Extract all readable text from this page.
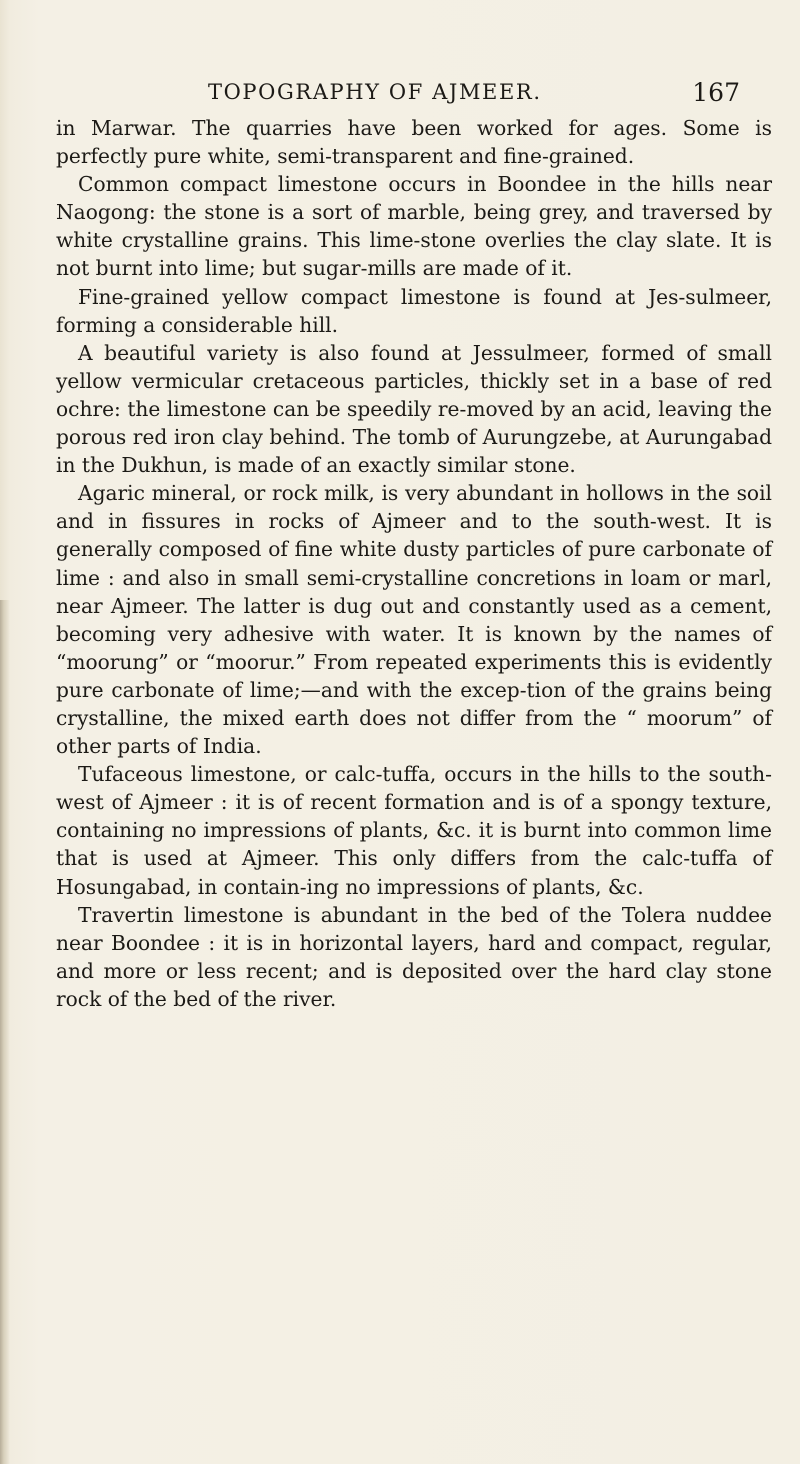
TOPOGRAPHY OF AJMEER.	167

in Marwar. The quarries have been worked for ages. Some is perfectly pure white, semi-transparent and fine-grained.

Common compact limestone occurs in Boondee in the hills near Naogong: the stone is a sort of marble, being grey, and traversed by white crystalline grains. This lime-stone overlies the clay slate. It is not burnt into lime; but sugar-mills are made of it.

Fine-grained yellow compact limestone is found at Jes-sulmeer, forming a considerable hill.

A beautiful variety is also found at Jessulmeer, formed of small yellow vermicular cretaceous particles, thickly set in a base of red ochre: the limestone can be speedily re-moved by an acid, leaving the porous red iron clay behind. The tomb of Aurungzebe, at Aurungabad in the Dukhun, is made of an exactly similar stone.

Agaric mineral, or rock milk, is very abundant in hollows in the soil and in fissures in rocks of Ajmeer and to the south-west. It is generally composed of fine white dusty particles of pure carbonate of lime : and also in small semi-crystalline concretions in loam or marl, near Ajmeer. The latter is dug out and constantly used as a cement, becoming very adhesive with water. It is known by the names of “moorung” or “moorur.” From repeated experiments this is evidently pure carbonate of lime;—and with the excep-tion of the grains being crystalline, the mixed earth does not differ from the “ moorum” of other parts of India.

Tufaceous limestone, or calc-tuffa, occurs in the hills to the south-west of Ajmeer : it is of recent formation and is of a spongy texture, containing no impressions of plants, &c. it is burnt into common lime that is used at Ajmeer. This only differs from the calc-tuffa of Hosungabad, in contain-ing no impressions of plants, &c.

Travertin limestone is abundant in the bed of the Tolera nuddee near Boondee : it is in horizontal layers, hard and compact, regular, and more or less recent; and is deposited over the hard clay stone rock of the bed of the river.
